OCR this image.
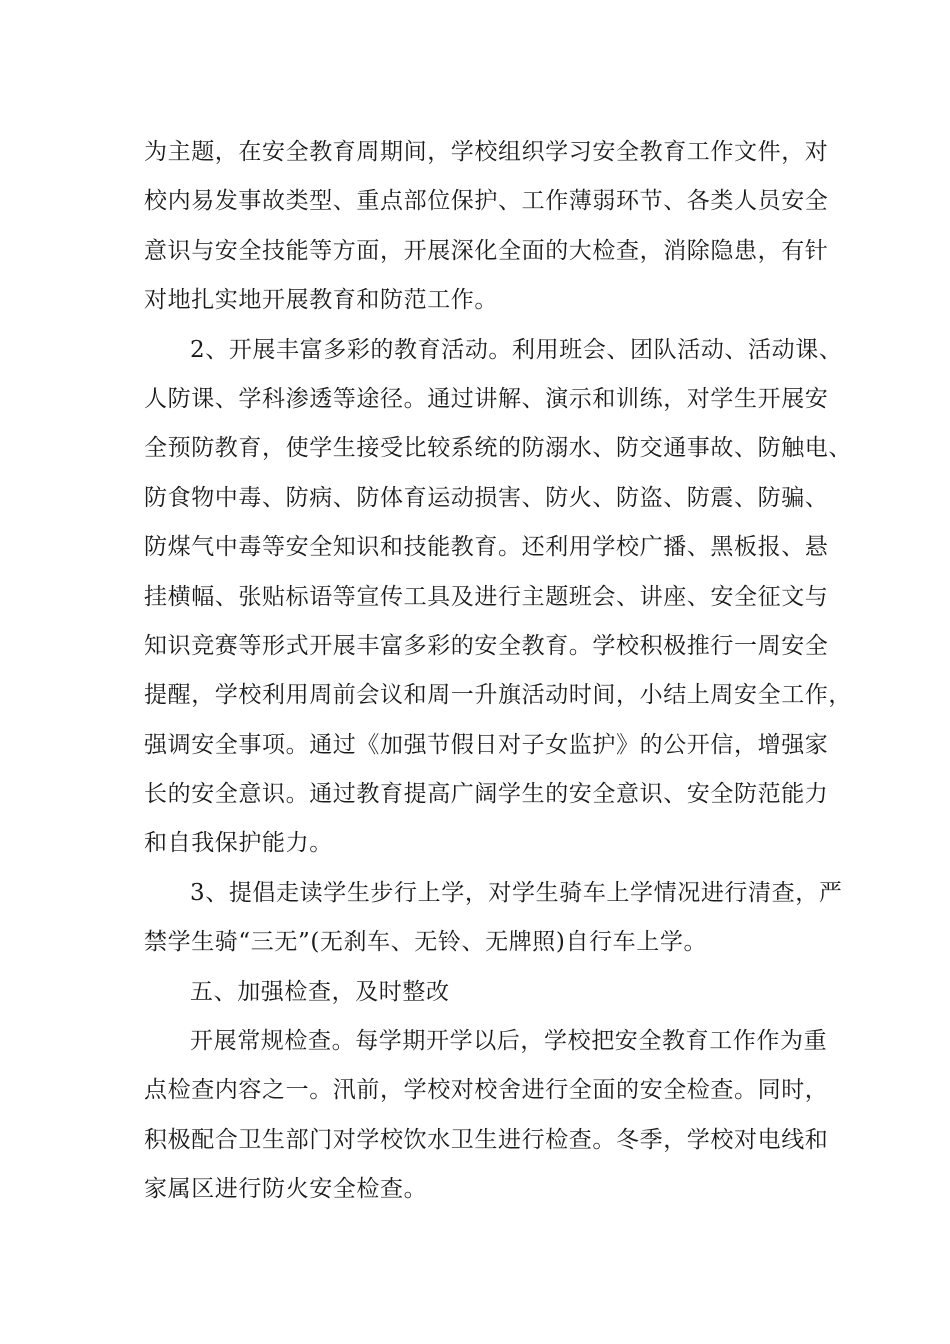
为主题，在安全教育周期间，学校组织学习安全教育工作文件，对
校内易发事故类型、重点部位保护、工作薄弱环节、各类人员安全
意识与安全技能等方面，开展深化全面的大检查，消除隐患，有针
对地扎实地开展教育和防范工作。
2、开展丰富多彩的教育活动。利用班会、团队活动、活动课、
人防课、学科渗透等途径。通过讲解、演示和训练，对学生开展安
全预防教育，使学生接受比较系统的防溺水、防交通事故、防触电、
防食物中毒、防病、防体育运动损害、防火、防盗、防震、防骗、
防煤气中毒等安全知识和技能教育。还利用学校广播、黑板报、悬
挂横幅、张贴标语等宣传工具及进行主题班会、讲座、安全征文与
知识竞赛等形式开展丰富多彩的安全教育。学校积极推行一周安全
提醒，学校利用周前会议和周一升旗活动时间，小结上周安全工作，
强调安全事项。通过《加强节假日对子女监护》的公开信，增强家
长的安全意识。通过教育提高广阔学生的安全意识、安全防范能力
和自我保护能力。
3、提倡走读学生步行上学，对学生骑车上学情况进行清查，严
禁学生骑“三无”(无刹车、无铃、无牌照)自行车上学。
五、加强检查，及时整改
开展常规检查。每学期开学以后，学校把安全教育工作作为重
点检查内容之一。汛前，学校对校舍进行全面的安全检查。同时，
积极配合卫生部门对学校饮水卫生进行检查。冬季，学校对电线和
家属区进行防火安全检查。
